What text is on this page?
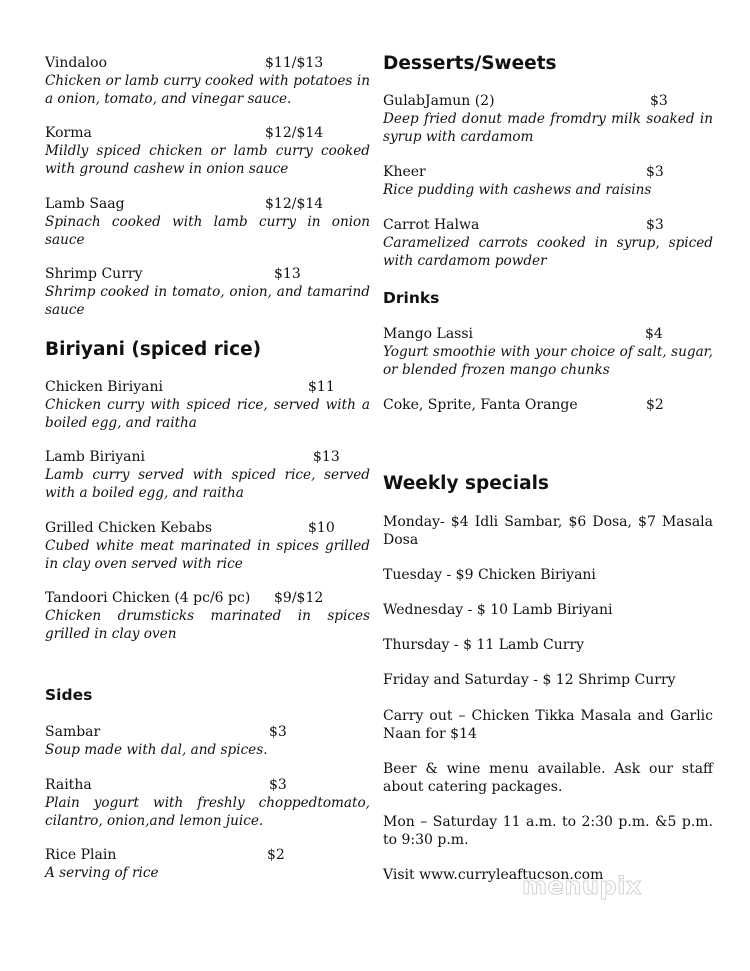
Vindaloo	$11/$13
Chicken or lamb curry cooked with potatoes in a onion, tomato, and vinegar sauce.
Korma	$12/$14
Mildly spiced chicken or lamb curry cooked with ground cashew in onion sauce
Lamb Saag	$12/$14
Spinach cooked with lamb curry in onion sauce
Shrimp Curry	$13
Shrimp cooked in tomato, onion, and tamarind sauce
Biriyani (spiced rice)
Chicken Biriyani	$11
Chicken curry with spiced rice, served with a boiled egg, and raitha
Lamb Biriyani	$13
Lamb curry served with spiced rice, served with a boiled egg, and raitha
Grilled Chicken Kebabs	$10
Cubed white meat marinated in spices grilled in clay oven served with rice
Tandoori Chicken (4 pc/6 pc) $9/$12
Chicken drumsticks marinated in spices grilled in clay oven
Sides
Sambar	$3
Soup made with dal, and spices.
Raitha	$3
Plain yogurt with freshly choppedtomato, cilantro, onion,and lemon juice.
Rice Plain	$2
A serving of rice
Desserts/Sweets
GulabJamun (2)	$3
Deep fried donut made fromdry milk soaked in syrup with cardamom
Kheer	$3
Rice pudding with cashews and raisins
Carrot Halwa	$3
Caramelized carrots cooked in syrup, spiced with cardamom powder
Drinks
Mango Lassi	$4
Yogurt smoothie with your choice of salt, sugar, or blended frozen mango chunks
Coke, Sprite, Fanta Orange	$2
Weekly specials
Monday- $4 Idli Sambar, $6 Dosa, $7 Masala Dosa
Tuesday - $9 Chicken Biriyani
Wednesday - $ 10 Lamb Biriyani
Thursday - $ 11 Lamb Curry
Friday and Saturday - $ 12 Shrimp Curry
Carry out – Chicken Tikka Masala and Garlic Naan for $14
Beer & wine menu available. Ask our staff about catering packages.
Mon – Saturday 11 a.m. to 2:30 p.m. &5 p.m. to 9:30 p.m.
Visit www.curryleaftucson.com
menupix
